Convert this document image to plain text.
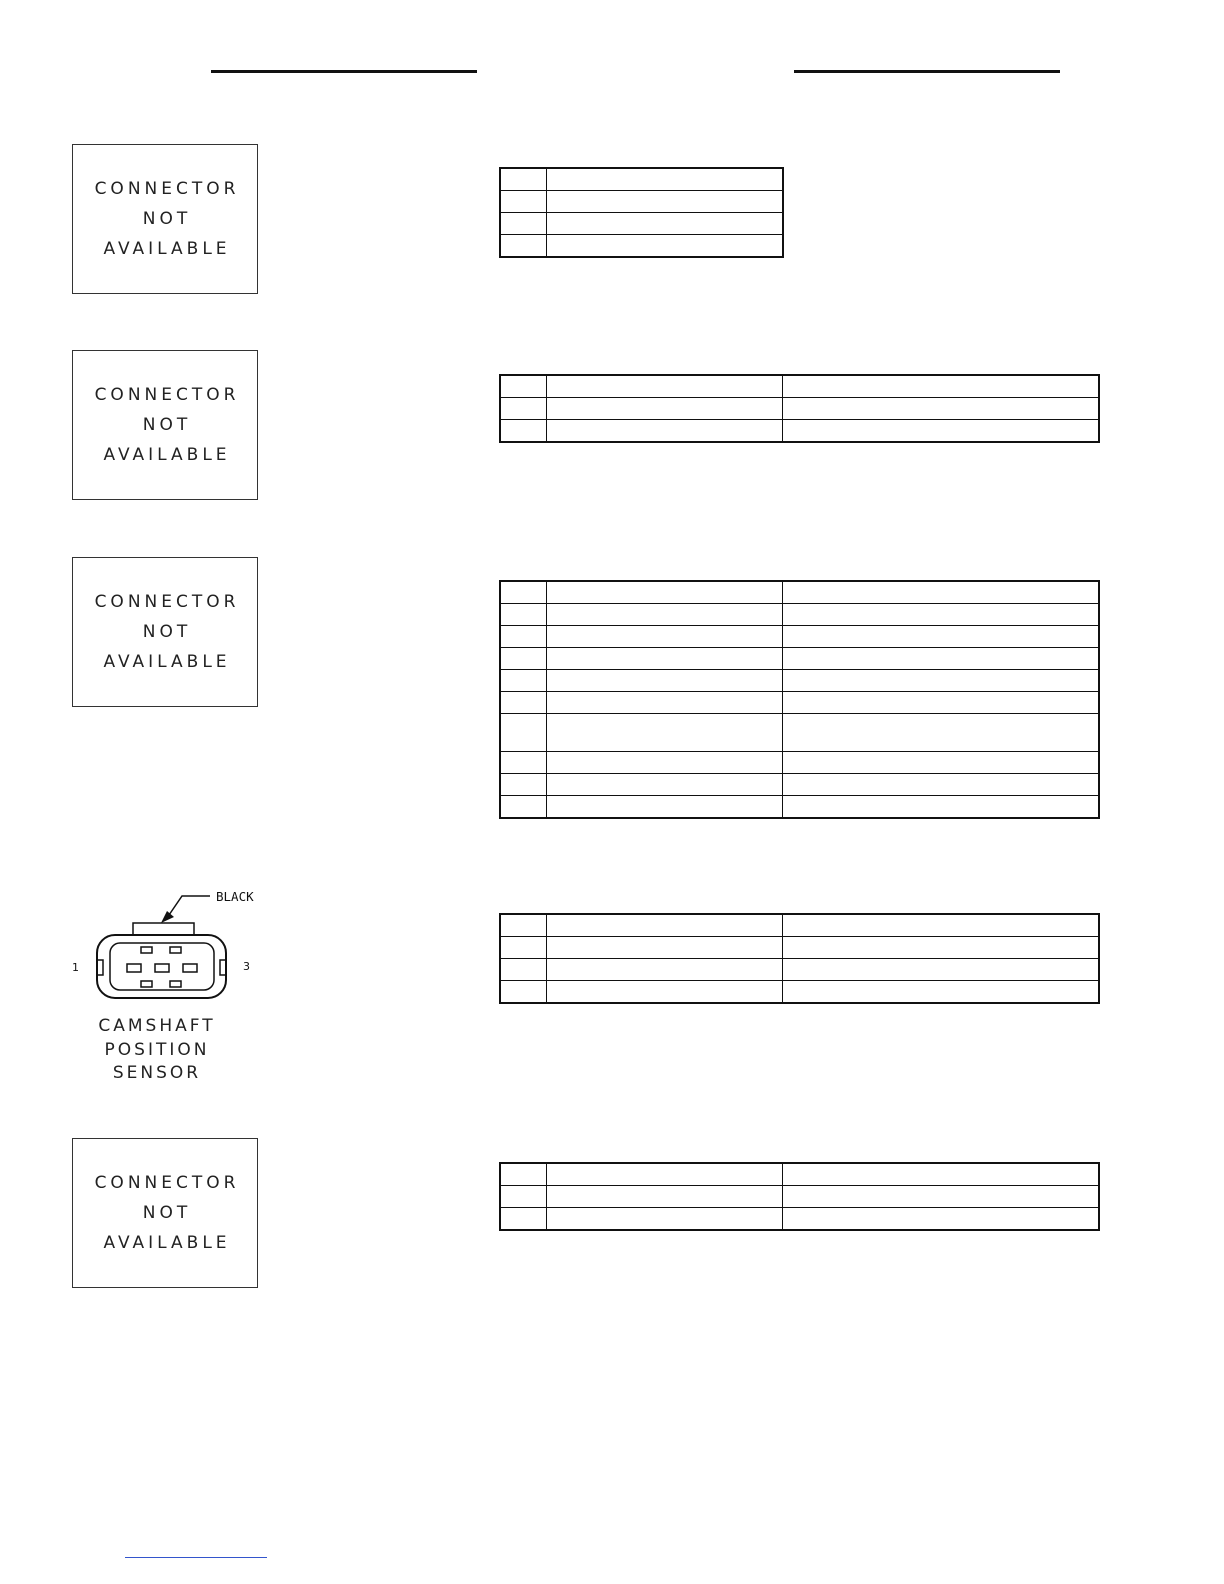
CONNECTOR
NOT
AVAILABLE

CONNECTOR
NOT
AVAILABLE

CONNECTOR
NOT
AVAILABLE

BLACK
1	3
CAMSHAFT
POSITION
SENSOR

CONNECTOR
NOT
AVAILABLE
